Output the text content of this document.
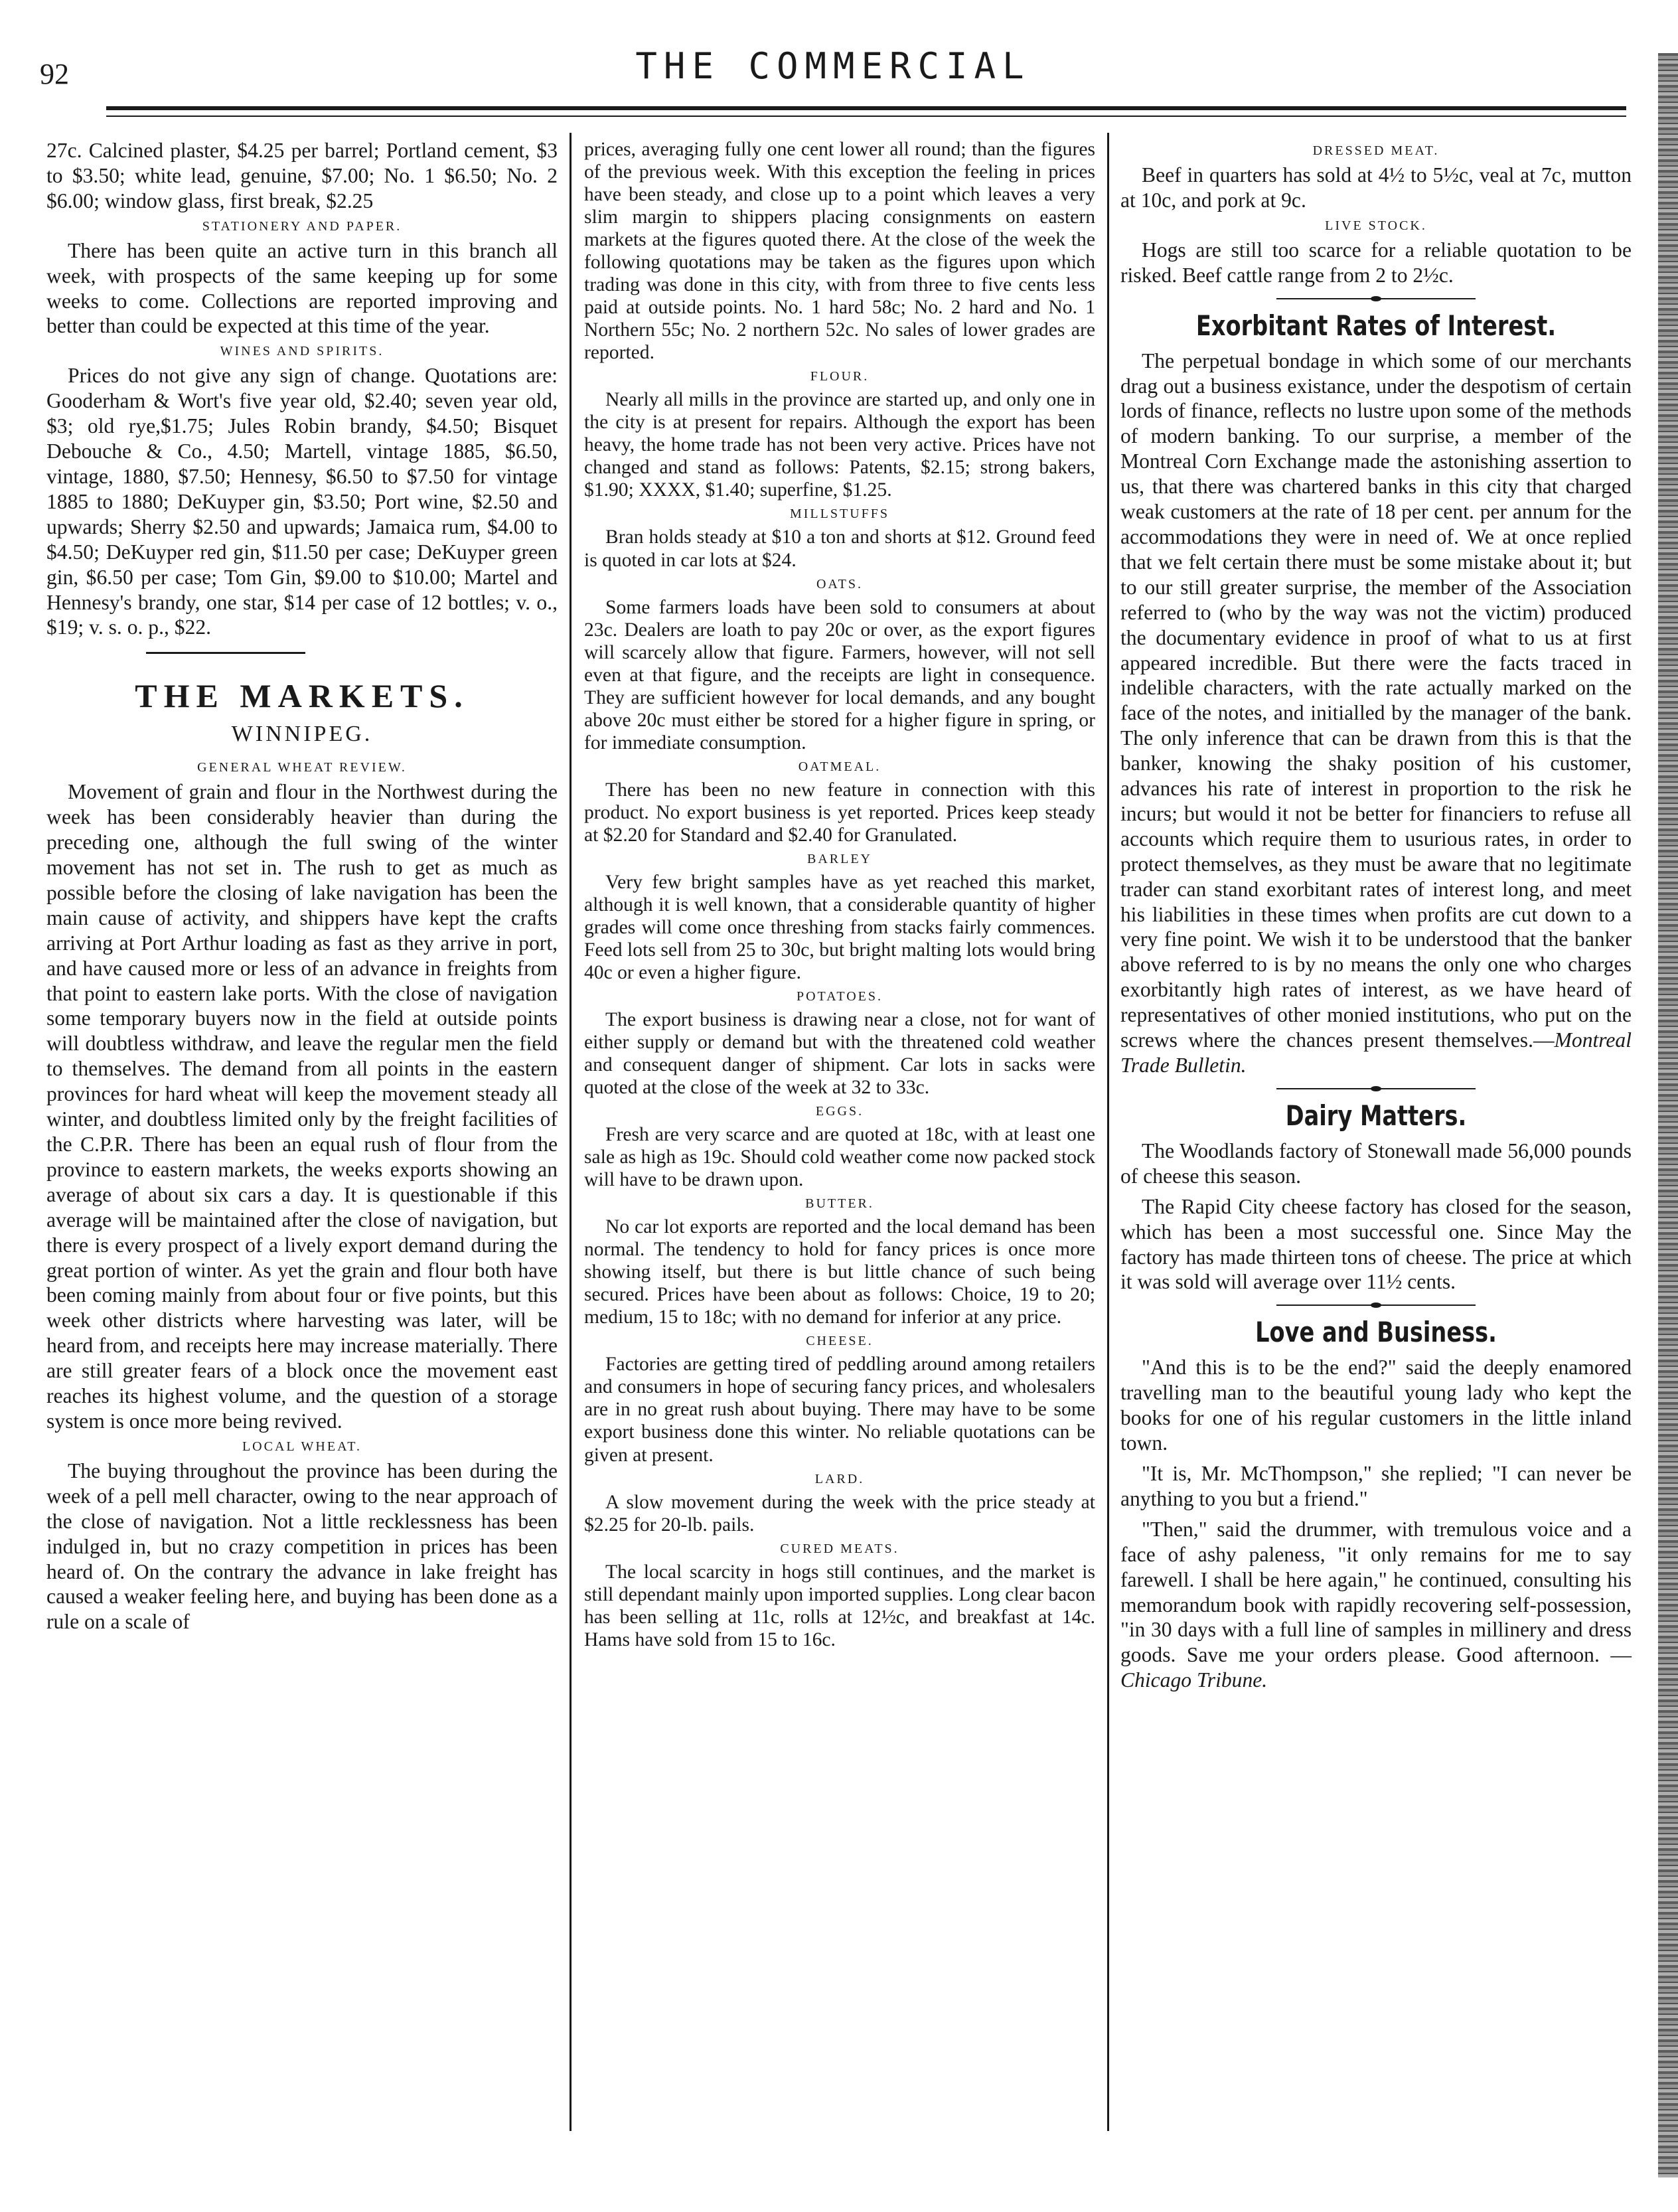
92	THE COMMERCIAL

27c. Calcined plaster, $4.25 per barrel; Portland cement, $3 to $3.50; white lead, genuine, $7.00; No. 1 $6.50; No. 2 $6.00; window glass, first break, $2.25

STATIONERY AND PAPER.

There has been quite an active turn in this branch all week, with prospects of the same keeping up for some weeks to come. Collections are reported improving and better than could be expected at this time of the year.

WINES AND SPIRITS.

Prices do not give any sign of change. Quotations are: Gooderham & Wort's five year old, $2.40; seven year old, $3; old rye,$1.75; Jules Robin brandy, $4.50; Bisquet Debouche & Co., 4.50; Martell, vintage 1885, $6.50, vintage, 1880, $7.50; Hennesy, $6.50 to $7.50 for vintage 1885 to 1880; DeKuyper gin, $3.50; Port wine, $2.50 and upwards; Sherry $2.50 and upwards; Jamaica rum, $4.00 to $4.50; DeKuyper red gin, $11.50 per case; DeKuyper green gin, $6.50 per case; Tom Gin, $9.00 to $10.00; Martel and Hennesy's brandy, one star, $14 per case of 12 bottles; v. o., $19; v. s. o. p., $22.

THE MARKETS.
WINNIPEG.
GENERAL WHEAT REVIEW.

Movement of grain and flour in the Northwest during the week has been considerably heavier than during the preceding one, although the full swing of the winter movement has not set in. The rush to get as much as possible before the closing of lake navigation has been the main cause of activity, and shippers have kept the crafts arriving at Port Arthur loading as fast as they arrive in port, and have caused more or less of an advance in freights from that point to eastern lake ports. With the close of navigation some temporary buyers now in the field at outside points will doubtless withdraw, and leave the regular men the field to themselves. The demand from all points in the eastern provinces for hard wheat will keep the movement steady all winter, and doubtless limited only by the freight facilities of the C.P.R. There has been an equal rush of flour from the province to eastern markets, the weeks exports showing an average of about six cars a day. It is questionable if this average will be maintained after the close of navigation, but there is every prospect of a lively export demand during the great portion of winter. As yet the grain and flour both have been coming mainly from about four or five points, but this week other districts where harvesting was later, will be heard from, and receipts here may increase materially. There are still greater fears of a block once the movement east reaches its highest volume, and the question of a storage system is once more being revived.

LOCAL WHEAT.

The buying throughout the province has been during the week of a pell mell character, owing to the near approach of the close of navigation. Not a little recklessness has been indulged in, but no crazy competition in prices has been heard of. On the contrary the advance in lake freight has caused a weaker feeling here, and buying has been done as a rule on a scale of

prices, averaging fully one cent lower all round; than the figures of the previous week. With this exception the feeling in prices have been steady, and close up to a point which leaves a very slim margin to shippers placing consignments on eastern markets at the figures quoted there. At the close of the week the following quotations may be taken as the figures upon which trading was done in this city, with from three to five cents less paid at outside points. No. 1 hard 58c; No. 2 hard and No. 1 Northern 55c; No. 2 northern 52c. No sales of lower grades are reported.

FLOUR.

Nearly all mills in the province are started up, and only one in the city is at present for repairs. Although the export has been heavy, the home trade has not been very active. Prices have not changed and stand as follows: Patents, $2.15; strong bakers, $1.90; XXXX, $1.40; superfine, $1.25.

MILLSTUFFS

Bran holds steady at $10 a ton and shorts at $12. Ground feed is quoted in car lots at $24.

OATS.

Some farmers loads have been sold to consumers at about 23c. Dealers are loath to pay 20c or over, as the export figures will scarcely allow that figure. Farmers, however, will not sell even at that figure, and the receipts are light in consequence. They are sufficient however for local demands, and any bought above 20c must either be stored for a higher figure in spring, or for immediate consumption.

OATMEAL.

There has been no new feature in connection with this product. No export business is yet reported. Prices keep steady at $2.20 for Standard and $2.40 for Granulated.

BARLEY

Very few bright samples have as yet reached this market, although it is well known, that a considerable quantity of higher grades will come once threshing from stacks fairly commences. Feed lots sell from 25 to 30c, but bright malting lots would bring 40c or even a higher figure.

POTATOES.

The export business is drawing near a close, not for want of either supply or demand but with the threatened cold weather and consequent danger of shipment. Car lots in sacks were quoted at the close of the week at 32 to 33c.

EGGS.

Fresh are very scarce and are quoted at 18c, with at least one sale as high as 19c. Should cold weather come now packed stock will have to be drawn upon.

BUTTER.

No car lot exports are reported and the local demand has been normal. The tendency to hold for fancy prices is once more showing itself, but there is but little chance of such being secured. Prices have been about as follows: Choice, 19 to 20; medium, 15 to 18c; with no demand for inferior at any price.

CHEESE.

Factories are getting tired of peddling around among retailers and consumers in hope of securing fancy prices, and wholesalers are in no great rush about buying. There may have to be some export business done this winter. No reliable quotations can be given at present.

LARD.

A slow movement during the week with the price steady at $2.25 for 20-lb. pails.

CURED MEATS.

The local scarcity in hogs still continues, and the market is still dependant mainly upon imported supplies. Long clear bacon has been selling at 11c, rolls at 12½c, and breakfast at 14c. Hams have sold from 15 to 16c.

DRESSED MEAT.

Beef in quarters has sold at 4½ to 5½c, veal at 7c, mutton at 10c, and pork at 9c.

LIVE STOCK.

Hogs are still too scarce for a reliable quotation to be risked. Beef cattle range from 2 to 2½c.

Exorbitant Rates of Interest.

The perpetual bondage in which some of our merchants drag out a business existance, under the despotism of certain lords of finance, reflects no lustre upon some of the methods of modern banking. To our surprise, a member of the Montreal Corn Exchange made the astonishing assertion to us, that there was chartered banks in this city that charged weak customers at the rate of 18 per cent. per annum for the accommodations they were in need of. We at once replied that we felt certain there must be some mistake about it; but to our still greater surprise, the member of the Association referred to (who by the way was not the victim) produced the documentary evidence in proof of what to us at first appeared incredible. But there were the facts traced in indelible characters, with the rate actually marked on the face of the notes, and initialled by the manager of the bank. The only inference that can be drawn from this is that the banker, knowing the shaky position of his customer, advances his rate of interest in proportion to the risk he incurs; but would it not be better for financiers to refuse all accounts which require them to usurious rates, in order to protect themselves, as they must be aware that no legitimate trader can stand exorbitant rates of interest long, and meet his liabilities in these times when profits are cut down to a very fine point. We wish it to be understood that the banker above referred to is by no means the only one who charges exorbitantly high rates of interest, as we have heard of representatives of other monied institutions, who put on the screws where the chances present themselves.—Montreal Trade Bulletin.

Dairy Matters.

The Woodlands factory of Stonewall made 56,000 pounds of cheese this season.

The Rapid City cheese factory has closed for the season, which has been a most successful one. Since May the factory has made thirteen tons of cheese. The price at which it was sold will average over 11½ cents.

Love and Business.

"And this is to be the end?" said the deeply enamored travelling man to the beautiful young lady who kept the books for one of his regular customers in the little inland town.

"It is, Mr. McThompson," she replied; "I can never be anything to you but a friend."

"Then," said the drummer, with tremulous voice and a face of ashy paleness, "it only remains for me to say farewell. I shall be here again," he continued, consulting his memorandum book with rapidly recovering self-possession, "in 30 days with a full line of samples in millinery and dress goods. Save me your orders please. Good afternoon. — Chicago Tribune.
